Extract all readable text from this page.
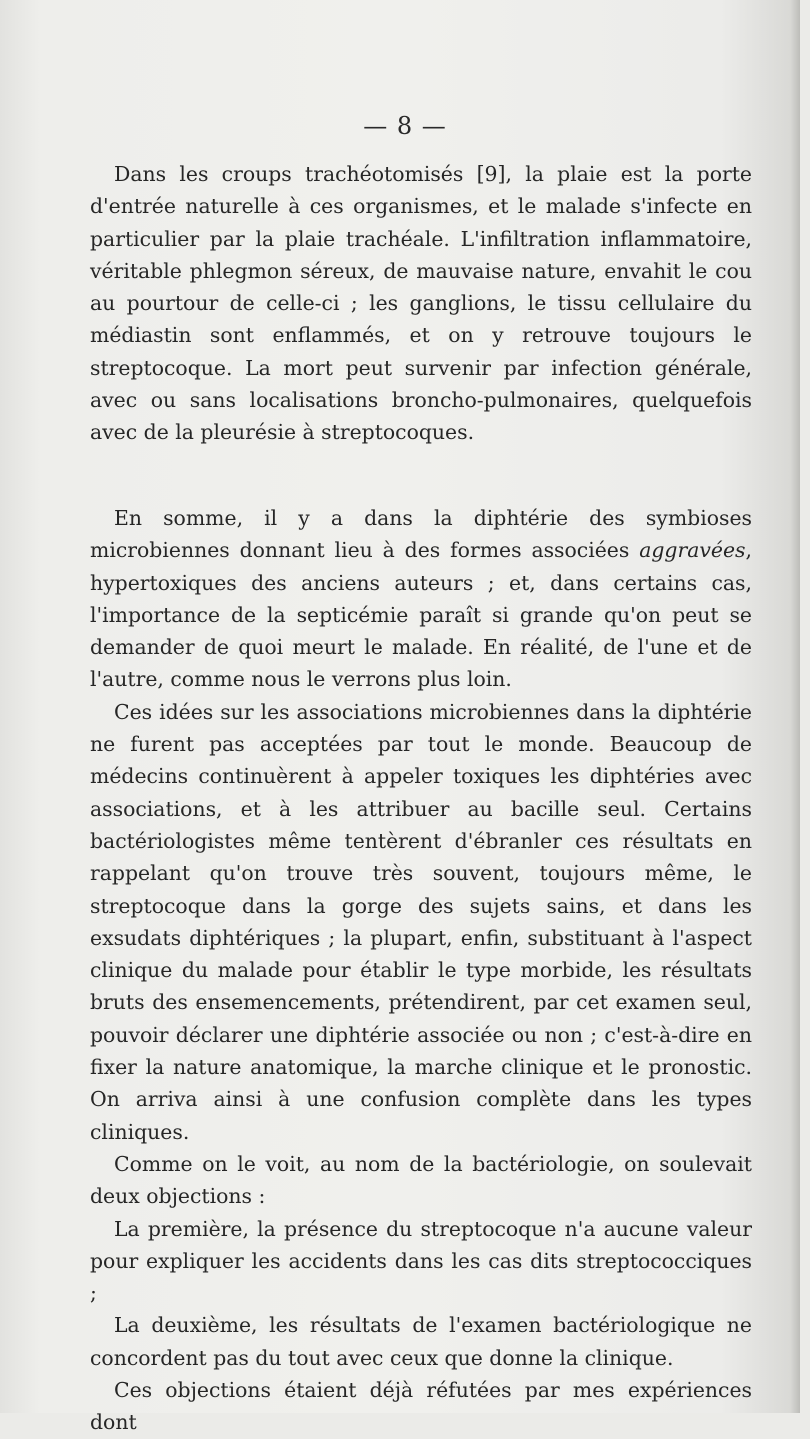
— 8 —

Dans les croups trachéotomisés [9], la plaie est la porte d'entrée naturelle à ces organismes, et le malade s'infecte en particulier par la plaie trachéale. L'infiltration inflammatoire, véritable phlegmon séreux, de mauvaise nature, envahit le cou au pourtour de celle-ci ; les ganglions, le tissu cellulaire du médiastin sont enflammés, et on y retrouve toujours le streptocoque. La mort peut survenir par infection générale, avec ou sans localisations broncho-pulmonaires, quelquefois avec de la pleurésie à streptocoques.

En somme, il y a dans la diphtérie des symbioses microbiennes donnant lieu à des formes associées aggravées, hypertoxiques des anciens auteurs ; et, dans certains cas, l'importance de la septicémie paraît si grande qu'on peut se demander de quoi meurt le malade. En réalité, de l'une et de l'autre, comme nous le verrons plus loin.

Ces idées sur les associations microbiennes dans la diphtérie ne furent pas acceptées par tout le monde. Beaucoup de médecins continuèrent à appeler toxiques les diphtéries avec associations, et à les attribuer au bacille seul. Certains bactériologistes même tentèrent d'ébranler ces résultats en rappelant qu'on trouve très souvent, toujours même, le streptocoque dans la gorge des sujets sains, et dans les exsudats diphtériques ; la plupart, enfin, substituant à l'aspect clinique du malade pour établir le type morbide, les résultats bruts des ensemencements, prétendirent, par cet examen seul, pouvoir déclarer une diphtérie associée ou non ; c'est-à-dire en fixer la nature anatomique, la marche clinique et le pronostic. On arriva ainsi à une confusion complète dans les types cliniques.

Comme on le voit, au nom de la bactériologie, on soulevait deux objections :

La première, la présence du streptocoque n'a aucune valeur pour expliquer les accidents dans les cas dits streptococciques ;

La deuxième, les résultats de l'examen bactériologique ne concordent pas du tout avec ceux que donne la clinique.

Ces objections étaient déjà réfutées par mes expériences dont
